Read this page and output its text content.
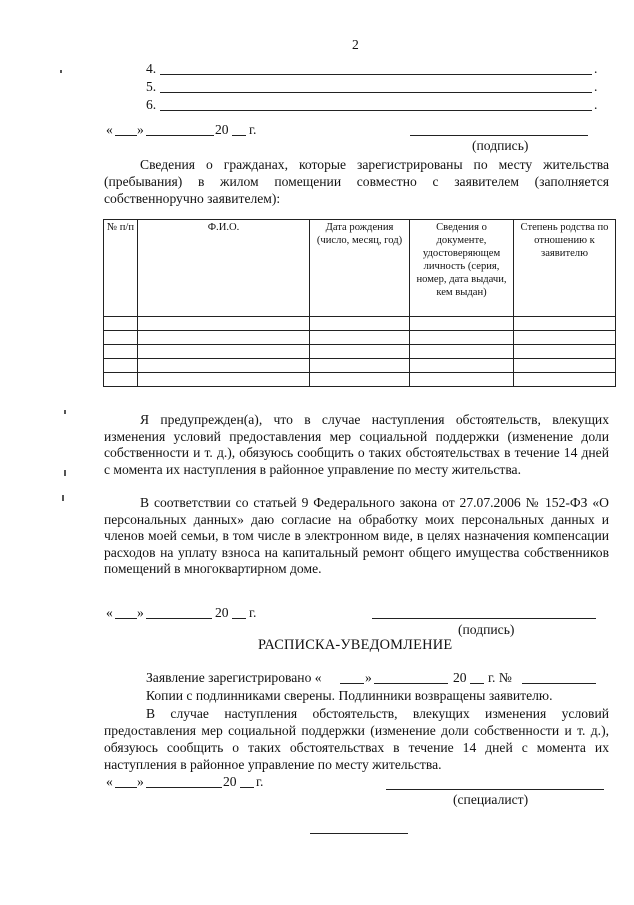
2
4.	.
5.	.
6.	.
« »	20 г.
(подпись)
Сведения о гражданах, которые зарегистрированы по месту жительства (пребывания) в жилом помещении совместно с заявителем (заполняется собственноручно заявителем):
№ п/п	Ф.И.О.	Дата рождения (число, месяц, год)	Сведения о документе, удостоверяющем личность (серия, номер, дата выдачи, кем выдан)	Степень родства по отношению к заявителю

Я предупрежден(а), что в случае наступления обстоятельств, влекущих изменения условий предоставления мер социальной поддержки (изменение доли собственности и т. д.), обязуюсь сообщить о таких обстоятельствах в течение 14 дней с момента их наступления в районное управление по месту жительства.
В соответствии со статьей 9 Федерального закона от 27.07.2006 № 152-ФЗ «О персональных данных» даю согласие на обработку моих персональных данных и членов моей семьи, в том числе в электронном виде, в целях назначения компенсации расходов на уплату взноса на капитальный ремонт общего имущества собственников помещений в многоквартирном доме.
« »	20 г.
(подпись)
РАСПИСКА-УВЕДОМЛЕНИЕ
Заявление зарегистрировано «	»	20 г. №
Копии с подлинниками сверены. Подлинники возвращены заявителю.
В случае наступления обстоятельств, влекущих изменения условий предоставления мер социальной поддержки (изменение доли собственности и т. д.), обязуюсь сообщить о таких обстоятельствах в течение 14 дней с момента их наступления в районное управление по месту жительства.
« »	20 г.
(специалист)
